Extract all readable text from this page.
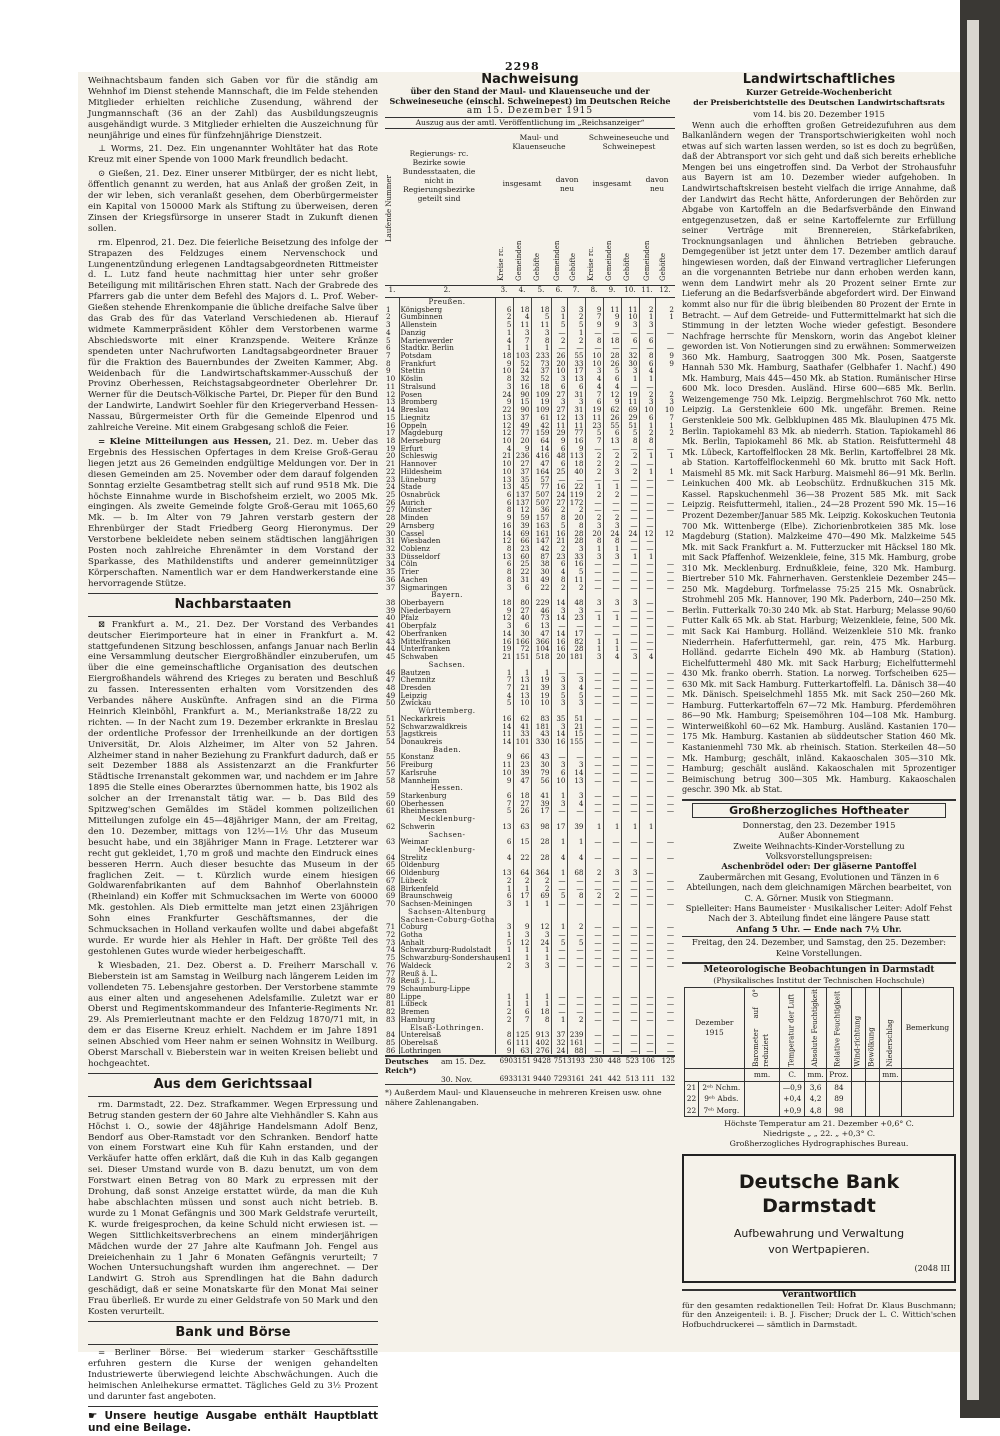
2298

Weihnachtsbaum fanden sich Gaben vor für die ständig am Wehnhof im Dienst stehende Mannschaft, die im Felde stehenden Mitglieder erhielten reichliche Zusendung, während der Jungmannschaft (36 an der Zahl) das Ausbildungszeugnis ausgehändigt wurde. 3 Mitglieder erhielten die Auszeichnung für neunjährige und eines für fünfzehnjährige Dienstzeit.

⊥ Worms, 21. Dez. Ein ungenannter Wohltäter hat das Rote Kreuz mit einer Spende von 1000 Mark freundlich bedacht.

⊙ Gießen, 21. Dez. Einer unserer Mitbürger, der es nicht liebt, öffentlich genannt zu werden, hat aus Anlaß der großen Zeit, in der wir leben, sich veranlaßt gesehen, dem Oberbürgermeister ein Kapital von 150000 Mark als Stiftung zu überweisen, deren Zinsen der Kriegsfürsorge in unserer Stadt in Zukunft dienen sollen.

rm. Elpenrod, 21. Dez. Die feierliche Beisetzung des infolge der Strapazen des Feldzuges einem Nervenschock und Lungenentzündung erlegenen Landtagsabgeordneten Rittmeister d. L. Lutz fand heute nachmittag hier unter sehr großer Beteiligung mit militärischen Ehren statt. Nach der Grabrede des Pfarrers gab die unter dem Befehl des Majors d. L. Prof. Weber-Gießen stehende Ehrenkompanie die übliche dreifache Salve über das Grab des für das Vaterland Verschiedenen ab. Hierauf widmete Kammerpräsident Köhler dem Verstorbenen warme Abschiedsworte mit einer Kranzspende. Weitere Kränze spendeten unter Nachrufworten Landtagsabgeordneter Brauer für die Fraktion des Bauernbundes der Zweiten Kammer, Abg. Weidenbach für die Landwirtschaftskammer-Ausschuß der Provinz Oberhessen, Reichstagsabgeordneter Oberlehrer Dr. Werner für die Deutsch-Völkische Partei, Dr. Pieper für den Bund der Landwirte, Landwirt Soehler für den Kriegerverband Hessen-Nassau, Bürgermeister Orth für die Gemeinde Elpenrod und zahlreiche Vereine. Mit einem Grabgesang schloß die Feier.

= Kleine Mitteilungen aus Hessen, 21. Dez. m. Ueber das Ergebnis des Hessischen Opfertages in dem Kreise Groß-Gerau liegen jetzt aus 26 Gemeinden endgültige Meldungen vor. Der in diesen Gemeinden am 25. November oder dem darauf folgenden Sonntag erzielte Gesamtbetrag stellt sich auf rund 9518 Mk. Die höchste Einnahme wurde in Bischofsheim erzielt, wo 2005 Mk. eingingen. Als zweite Gemeinde folgte Groß-Gerau mit 1065,60 Mk. — b. Im Alter von 79 Jahren verstarb gestern der Ehrenbürger der Stadt Friedberg Georg Hieronymus. Der Verstorbene bekleidete neben seinem städtischen langjährigen Posten noch zahlreiche Ehrenämter in dem Vorstand der Sparkasse, des Mathildenstifts und anderer gemeinnütziger Körperschaften. Namentlich war er dem Handwerkerstande eine hervorragende Stütze.

Nachbarstaaten

⊠ Frankfurt a. M., 21. Dez. Der Vorstand des Verbandes deutscher Eierimporteure hat in einer in Frankfurt a. M. stattgefundenen Sitzung beschlossen, anfangs Januar nach Berlin eine Versammlung deutscher Eiergroßhändler einzuberufen, um über die eine gemeinschaftliche Organisation des deutschen Eiergroßhandels während des Krieges zu beraten und Beschluß zu fassen. Interessenten erhalten vom Vorsitzenden des Verbandes nähere Auskünfte. Anfragen sind an die Firma Heinrich Kleinböhl, Frankfurt a. M., Meriankstraße 18/22 zu richten. — In der Nacht zum 19. Dezember erkrankte in Breslau der ordentliche Professor der Irrenheilkunde an der dortigen Universität, Dr. Alois Alzheimer, im Alter von 52 Jahren. Alzheimer stand in naher Beziehung zu Frankfurt dadurch, daß er seit Dezember 1888 als Assistenzarzt an die Frankfurter Städtische Irrenanstalt gekommen war, und nachdem er im Jahre 1895 die Stelle eines Oberarztes übernommen hatte, bis 1902 als solcher an der Irrenanstalt tätig war. — b. Das Bild des Spitzweg'schen Gemäldes im Städel kommen polizeilichen Mitteilungen zufolge ein 45—48jähriger Mann, der am Freitag, den 10. Dezember, mittags von 12½—1½ Uhr das Museum besucht habe, und ein 38jähriger Mann in Frage. Letzterer war recht gut gekleidet, 1,70 m groß und machte den Eindruck eines besseren Herrn. Auch dieser besuchte das Museum in der fraglichen Zeit. — t. Kürzlich wurde einem hiesigen Goldwarenfabrikanten auf dem Bahnhof Oberlahnstein (Rheinland) ein Koffer mit Schmucksachen im Werte von 60000 Mk. gestohlen. Als Dieb ermittelte man jetzt einen 23jährigen Sohn eines Frankfurter Geschäftsmannes, der die Schmucksachen in Holland verkaufen wollte und dabei abgefaßt wurde. Er wurde hier als Hehler in Haft. Der größte Teil des gestohlenen Gutes wurde wieder herbeigeschafft.

ꝁ Wiesbaden, 21. Dez. Oberst a. D. Freiherr Marschall v. Bieberstein ist am Samstag in Weilburg nach längerem Leiden im vollendeten 75. Lebensjahre gestorben. Der Verstorbene stammte aus einer alten und angesehenen Adelsfamilie. Zuletzt war er Oberst und Regimentskommandeur des Infanterie-Regiments Nr. 29. Als Premierleutnant machte er den Feldzug 1870/71 mit, in dem er das Eiserne Kreuz erhielt. Nachdem er im Jahre 1891 seinen Abschied vom Heer nahm er seinen Wohnsitz in Weilburg. Oberst Marschall v. Bieberstein war in weiten Kreisen beliebt und hochgeachtet.

Aus dem Gerichtssaal

rm. Darmstadt, 22. Dez. Strafkammer. Wegen Erpressung und Betrug standen gestern der 60 Jahre alte Viehhändler S. Kahn aus Höchst i. O., sowie der 48jährige Handelsmann Adolf Benz, Bendorf aus Ober-Ramstadt vor den Schranken. Bendorf hatte von einem Forstwart eine Kuh für Kahn erstanden, und der Verkäufer hatte offen erklärt, daß die Kuh in das Kalb gegangen sei. Dieser Umstand wurde von B. dazu benutzt, um von dem Forstwart einen Betrag von 80 Mark zu erpressen mit der Drohung, daß sonst Anzeige erstattet würde, da man die Kuh habe abschlachten müssen und sonst auch nicht betrieb. B. wurde zu 1 Monat Gefängnis und 300 Mark Geldstrafe verurteilt, K. wurde freigesprochen, da keine Schuld nicht erwiesen ist. — Wegen Sittlichkeitsverbrechens an einem minderjährigen Mädchen wurde der 27 Jahre alte Kaufmann Joh. Fengel aus Dreieichenhain zu 1 Jahr 6 Monaten Gefängnis verurteilt; 7 Wochen Untersuchungshaft wurden ihm angerechnet. — Der Landwirt G. Stroh aus Sprendlingen hat die Bahn dadurch geschädigt, daß er seine Monatskarte für den Monat Mai seiner Frau überließ. Er wurde zu einer Geldstrafe von 50 Mark und den Kosten verurteilt.

Bank und Börse

= Berliner Börse. Bei wiederum starker Geschäftsstille erfuhren gestern die Kurse der wenigen gehandelten Industriewerte überwiegend leichte Abschwächungen. Auch die heimischen Anleihekurse ermattet. Tägliches Geld zu 3½ Prozent und darunter fast angeboten.

☛ Unsere heutige Ausgabe enthält Hauptblatt und eine Beilage.

Nachweisung
über den Stand der Maul- und Klauenseuche und der Schweineseuche (einschl. Schweinepest) im Deutschen Reiche
am 15. Dezember 1915
Auszug aus der amtl. Veröffentlichung im „Reichsanzeiger“
Laufende Nummer
Regierungs- rc. Bezirke sowie Bundesstaaten, die nicht in Regierungsbezirke geteilt sind
Maul- und Klauenseuche
Schweineseuche und Schweinepest
insgesamt	davon neu
insgesamt	davon neu
Kreise rc. Gemeinden Gehöfte Gemeinden Gehöfte Kreise rc. Gemeinden Gehöfte Gemeinden Gehöfte
1.	2.	3.	4.	5.	6.	7.	8.	9.	10. 11. 12.
	Preußen.										
1	Königsberg	6	18	18	3	3	9	11	11	2	2
2	Gumbinnen	2	4	5	1	2	7	9	10	1	1
3	Allenstein	5	11	11	5	5	9	9	3	3	
4	Danzig	1	3	3	—	1	—	—	—	—	—
5	Marienwerder	4	7	8	2	2	8	18	6	6	
6	Stadtkr. Berlin	1	1	1	—	—	—	—	—	—	—
7	Potsdam	18	103	233	26	55	10	28	32	8	9
8	Frankfurt	9	52	73	20	33	10	26	30	6	9
9	Stettin	10	24	37	10	17	3	5	3	4	
10	Köslin	8	32	52	3	13	4	6	1	1	
11	Stralsund	3	16	18	6	6	4	4	—	—	
12	Posen	24	90	109	27	31	7	12	19	2	2
13	Bromberg	9	15	19	3	3	6	9	11	3	3
14	Breslau	22	90	109	27	31	19	62	69	10	10
15	Liegnitz	13	37	61	12	13	11	26	29	6	7
16	Oppeln	12	49	42	11	11	23	55	51	1	1
17	Magdeburg	12	77	159	29	77	5	6	5	2	2
18	Merseburg	10	20	64	9	16	7	13	8	8	
19	Erfurt	4	9	14	6	9	—	—	—	—	—
20	Schleswig	21	236	416	48	113	2	2	2	1	1
21	Hannover	10	27	47	6	18	2	2	—	—	
22	Hildesheim	10	37	164	25	40	2	3	2	1	1
23	Lüneburg	13	35	57	—	—	—	—	—	—	—
24	Stade	13	45	77	16	22	1	1	—	—	
25	Osnabrück	6	137	507	24	119	2	2	—	—	
26	Aurich	6	137	507	27	172	—	—	—	—	—
27	Münster	8	12	36	2	2	—	—	—	—	—
28	Minden	9	59	157	8	20	2	2	—	—	
29	Arnsberg	16	39	163	5	8	3	3	—	—	
30	Cassel	14	69	161	16	28	20	24	24	12	12
31	Wiesbaden	12	66	147	21	28	8	8	—	—	
32	Coblenz	8	23	42	2	3	1	1	—	—	
33	Düsseldorf	13	60	87	23	33	3	3	1	1	
34	Cöln	6	25	38	6	16	—	—	—	—	—
35	Trier	8	22	30	4	5	—	—	—	—	—
36	Aachen	8	31	49	8	11	—	—	—	—	—
37	Sigmaringen	3	6	22	2	2	—	—	—	—	—
	Bayern.										
38	Oberbayern	18	80	229	14	48	3	3	3	—	
39	Niederbayern	9	27	46	3	3	—	—	—	—	—
40	Pfalz	12	40	73	14	23	1	1	—	—	
41	Oberpfalz	3	6	13	—	—	—	—	—	—	—
42	Oberfranken	14	30	47	14	17	—	—	—	—	—
43	Mittelfranken	16	166	366	16	82	1	1	—	—	
44	Unterfranken	19	72	104	16	28	1	1	—	—	
45	Schwaben	21	151	518	20	181	3	4	3	4	
	Sachsen.										
46	Bautzen	1	1	1	—	—	—	—	—	—	—
47	Chemnitz	7	13	19	3	3	—	—	—	—	—
48	Dresden	7	21	39	3	4	—	—	—	—	—
49	Leipzig	4	13	19	5	5	—	—	—	—	—
50	Zwickau	5	10	10	3	3	—	—	—	—	—
	Württemberg.										
51	Neckarkreis	16	62	83	35	51	—	—	—	—	—
52	Schwarzwaldkreis	14	41	181	3	21	—	—	—	—	—
53	Jagstkreis	11	33	43	14	15	—	—	—	—	—
54	Donaukreis	14	101	330	16	155	—	—	—	—	—
	Baden.										
55	Konstanz	9	66	43	—	—	—	—	—	—	—
56	Freiburg	11	23	30	3	3	—	—	—	—	—
57	Karlsruhe	10	39	79	6	14	—	—	—	—	—
58	Mannheim	9	47	56	10	13	—	—	—	—	—
	Hessen.										
59	Starkenburg	6	18	41	1	3	—	—	—	—	—
60	Oberhessen	7	27	39	3	4	—	—	—	—	—
61	Rheinhessen	5	26	17	—	—	—	—	—	—	—
	Mecklenburg-										
62	Schwerin	13	63	98	17	39	1	1	1	1	
	Sachsen-										
63	Weimar	6	15	28	1	1	—	—	—	—	—
	Mecklenburg-										
64	Strelitz	4	22	28	4	4	—	—	—	—	—
65	Oldenburg										
66	Oldenburg	13	64	364	1	68	2	3	3	—	
67	Lübeck	2	2	2	—	—	—	—	—	—	—
68	Birkenfeld	1	1	2	—	—	—	—	—	—	—
69	Braunschweig	6	17	69	5	8	2	2	—	—	
70	Sachsen-Meiningen	3	1	1	—	—	—	—	—	—	—
	Sachsen-Altenburg										
	Sachsen-Coburg-Gotha										
71	Coburg	3	9	12	1	2	—	—	—	—	—
72	Gotha	1	3	3	—	—	—	—	—	—	—
73	Anhalt	5	12	24	5	5	—	—	—	—	—
74	Schwarzburg-Rudolstadt	1	1	1	—	—	—	—	—	—	—
75	Schwarzburg-Sondershausen	1	1	1	—	—	—	—	—	—	—
76	Waldeck	2	3	3	—	—	—	—	—	—	—
77	Reuß ä. L.										
78	Reuß j. L.										
79	Schaumburg-Lippe										
80	Lippe	1	1	1	—	—	—	—	—	—	—
81	Lübeck	1	1	1	—	—	—	—	—	—	—
82	Bremen	2	6	18	—	—	—	—	—	—	—
83	Hamburg	2	7	8	1	2	—	—	—	—	—
	Elsaß-Lothringen.										
84	Unterelsaß	8	125	913	37	239	—	—	—	—	—
85	Oberelsaß	6	111	402	32	161	—	—	—	—	—
86	Lothringen	9	63	276	24	88	—	—	—	—	—
Deutsches Reich*)
am 15. Dez.	690 3151 9428 751 3193 230 448 523 106 125
30. Nov.	693 3131 9440 729 3161 241 442 513 111 132
*) Außerdem Maul- und Klauenseuche in mehreren Kreisen usw. ohne nähere Zahlenangaben.
Landwirtschaftliches
Kurzer Getreide-Wochenbericht
der Preisberichtstelle des Deutschen Landwirtschaftsrats
vom 14. bis 20. Dezember 1915

Wenn auch die erhofften großen Getreidezufuhren aus dem Balkanländern wegen der Transportschwierigkeiten wohl noch etwas auf sich warten lassen werden, so ist es doch zu begrüßen, daß der Abtransport vor sich geht und daß sich bereits erhebliche Mengen bei uns eingetroffen sind. Da Verbot der Strohausfuhr aus Bayern ist am 10. Dezember wieder aufgehoben. In Landwirtschaftskreisen besteht vielfach die irrige Annahme, daß der Landwirt das Recht hätte, Anforderungen der Behörden zur Abgabe von Kartoffeln an die Bedarfsverbände den Einwand entgegenzusetzen, daß er seine Kartoffelernte zur Erfüllung seiner Verträge mit Brennereien, Stärkefabriken, Trocknungsanlagen und ähnlichen Betrieben gebrauche. Demgegenüber ist jetzt unter dem 17. Dezember amtlich darauf hingewiesen worden, daß der Einwand vertraglicher Lieferungen an die vorgenannten Betriebe nur dann erhoben werden kann, wenn dem Landwirt mehr als 20 Prozent seiner Ernte zur Lieferung an die Bedarfsverbände abgefordert wird. Der Einwand kommt also nur für die übrig bleibenden 80 Prozent der Ernte in Betracht. — Auf dem Getreide- und Futtermittelmarkt hat sich die Stimmung in der letzten Woche wieder gefestigt. Besondere Nachfrage herrschte für Menskorn, worin das Angebot kleiner geworden ist. Von Notierungen sind zu erwähnen: Sommerweizen 360 Mk. Hamburg, Saatroggen 300 Mk. Posen, Saatgerste Hannah 530 Mk. Hamburg, Saathafer (Gelbhafer 1. Nachf.) 490 Mk. Hamburg, Mais 445—450 Mk. ab Station. Rumänischer Hirse 600 Mk. loco Dresden. Ausländ. Hirse 600—685 Mk. Berlin. Weizengemenge 750 Mk. Leipzig. Bergmehlschrot 760 Mk. netto Leipzig. La Gerstenkleie 600 Mk. ungefähr. Bremen. Reine Gerstenkleie 500 Mk. Gelbklupinen 485 Mk. Blaulupinen 475 Mk. Berlin. Tapiokamehl 83 Mk. ab niederrh. Station. Tapiokamehl 86 Mk. Berlin, Tapiokamehl 86 Mk. ab Station. Reisfuttermehl 48 Mk. Lübeck, Kartoffelflocken 28 Mk. Berlin, Kartoffelbrei 28 Mk. ab Station. Kartoffelflockenmehl 60 Mk. brutto mit Sack Hoft. Maismehl 85 Mk. mit Sack Harburg. Maismehl 86—91 Mk. Berlin. Leinkuchen 400 Mk. ab Leobschütz. Erdnußkuchen 315 Mk. Kassel. Rapskuchenmehl 36—38 Prozent 585 Mk. mit Sack Leipzig. Reisfuttermehl, italien., 24—28 Prozent 590 Mk. 15—16 Prozent Dezember/Januar 585 Mk. Leipzig. Kokoskuchen Teutonia 700 Mk. Wittenberge (Elbe). Zichorienbrotkeien 385 Mk. lose Magdeburg (Station). Malzkeime 470—490 Mk. Malzkeime 545 Mk. mit Sack Frankfurt a. M. Futterzucker mit Häcksel 180 Mk. mit Sack Pfaffenhof. Weizenkleie, feine, 315 Mk. Hamburg, grobe 310 Mk. Mecklenburg. Erdnußkleie, feine, 320 Mk. Hamburg. Biertreber 510 Mk. Fahrnerhaven. Gerstenkleie Dezember 245—250 Mk. Magdeburg. Torfmelasse 75:25 215 Mk. Osnabrück. Strohmehl 205 Mk. Hannover, 190 Mk. Paderborn, 240—250 Mk. Berlin. Futterkalk 70:30 240 Mk. ab Stat. Harburg; Melasse 90/60 Futter Kalk 65 Mk. ab Stat. Harburg; Weizenkleie, feine, 500 Mk. mit Sack Kai Hamburg. Holländ. Weizenkleie 510 Mk. franko Niederrhein. Haferfuttermehl, gar. rein, 475 Mk. Harburg. Holländ. gedarrte Eicheln 490 Mk. ab Hamburg (Station). Eichelfuttermehl 480 Mk. mit Sack Harburg; Eichelfuttermehl 430 Mk. franko oberrh. Station. La norweg. Torfscheiben 625—630 Mk. mit Sack Hamburg. Futterkartoffelfl. La. Dänisch 38—40 Mk. Dänisch. Speiselchmehl 1855 Mk. mit Sack 250—260 Mk. Hamburg. Futterkartoffeln 67—72 Mk. Hamburg. Pferdemöhren 86—90 Mk. Hamburg; Speisemöhren 104—108 Mk. Hamburg. Winterweißkohl 60—62 Mk. Hamburg. Ausländ. Kastanien 170—175 Mk. Hamburg. Kastanien ab süddeutscher Station 460 Mk. Kastanienmehl 730 Mk. ab rheinisch. Station. Sterkeilen 48—50 Mk. Hamburg; geschält, inländ. Kakaoschalen 305—310 Mk. Hamburg; geschält ausländ. Kakaoschalen mit 5prozentiger Beimischung betrug 300—305 Mk. Hamburg. Kakaoschalen geschr. 390 Mk. ab Stat.

Großherzogliches Hoftheater
Donnerstag, den 23. Dezember 1915
Außer Abonnement
Zweite Weihnachts-Kinder-Vorstellung zu Volksvorstellungspreisen:
Aschenbrödel oder: Der gläserne Pantoffel
Zaubermärchen mit Gesang, Evolutionen und Tänzen in 6 Abteilungen, nach dem gleichnamigen Märchen bearbeitet, von C. A. Görner. Musik von Stiegmann.
Spielleiter: Hans Baumeister · Musikalischer Leiter: Adolf Fehst
Nach der 3. Abteilung findet eine längere Pause statt
Anfang 5 Uhr. — Ende nach 7½ Uhr.
Freitag, den 24. Dezember, und Samstag, den 25. Dezember: Keine Vorstellungen.
Meteorologische Beobachtungen in Darmstadt
(Physikalisches Institut der Technischen Hochschule)
Dezember 1915		Barometer auf 0° reduziert	Temperatur der Luft	Absolute Feuchtigkeit	Relative Feuchtigkeit	Wind-richtung	Bewölkung	Niederschlag	Bemerkung
		mm.	C.	mm.	Proz.			mm.	
21	2ᵉʰ Nchm.		—0,9	3,6	84				
22	9ᵉʰ Abds.		+0,4	4,2	89				
22	7ᵉʰ Morg.		+0,9	4,8	98				
Höchste Temperatur am 21. Dezember +0,6° C.
Niedrigste „ „ 22. „ +0,3° C.
Großherzogliches Hydrographisches Bureau.
Deutsche Bank Darmstadt
Aufbewahrung und Verwaltung
von Wertpapieren.
(2048 III
Verantwortlich
für den gesamten redaktionellen Teil: Hofrat Dr. Klaus Buschmann; für den Anzeigenteil: i. B. J. Fischer; Druck der L. C. Wittich'schen Hofbuchdruckerei — sämtlich in Darmstadt.
